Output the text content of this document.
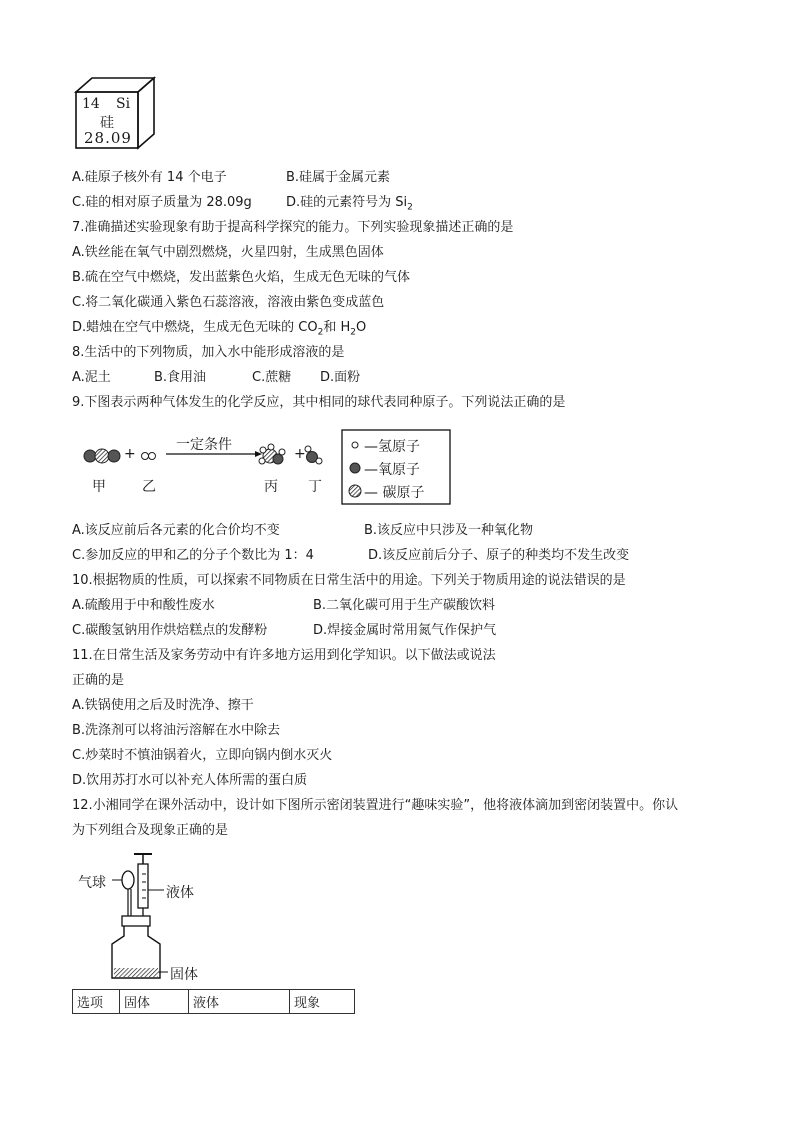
14 Si
硅
28.09
A.硅原子核外有 14 个电子	B.硅属于金属元素
C.硅的相对原子质量为 28.09g	D.硅的元素符号为 $Si_2$
7.准确描述实验现象有助于提高科学探究的能力。下列实验现象描述正确的是
A.铁丝能在氧气中剧烈燃烧，火星四射，生成黑色固体
B.硫在空气中燃烧，发出蓝紫色火焰，生成无色无味的气体
C.将二氧化碳通入紫色石蕊溶液，溶液由紫色变成蓝色
D.蜡烛在空气中燃烧，生成无色无味的 $CO_2$和 $H_2O$
8.生活中的下列物质，加入水中能形成溶液的是
A.泥土	B.食用油	C.蔗糖 D.面粉
9.下图表示两种气体发生的化学反应，其中相同的球代表同种原子。下列说法正确的是
+	+
一定条件
甲	乙	丙 丁
—氢原子
—氧原子
— 碳原子
A.该反应前后各元素的化合价均不变	B.该反应中只涉及一种氧化物
C.参加反应的甲和乙的分子个数比为 1：4	D.该反应前后分子、原子的种类均不发生改变
10.根据物质的性质，可以探索不同物质在日常生活中的用途。下列关于物质用途的说法错误的是
A.硫酸用于中和酸性废水	B.二氧化碳可用于生产碳酸饮料
C.碳酸氢钠用作烘焙糕点的发酵粉	D.焊接金属时常用氮气作保护气
11.在日常生活及家务劳动中有许多地方运用到化学知识。以下做法或说法
正确的是
A.铁锅使用之后及时洗净、擦干
B.洗涤剂可以将油污溶解在水中除去
C.炒菜时不慎油锅着火，立即向锅内倒水灭火
D.饮用苏打水可以补充人体所需的蛋白质
12.小湘同学在课外活动中，设计如下图所示密闭装置进行“趣味实验”，他将液体滴加到密闭装置中。你认
为下列组合及现象正确的是
气球
液体
固体
选项	固体	液体	现象
